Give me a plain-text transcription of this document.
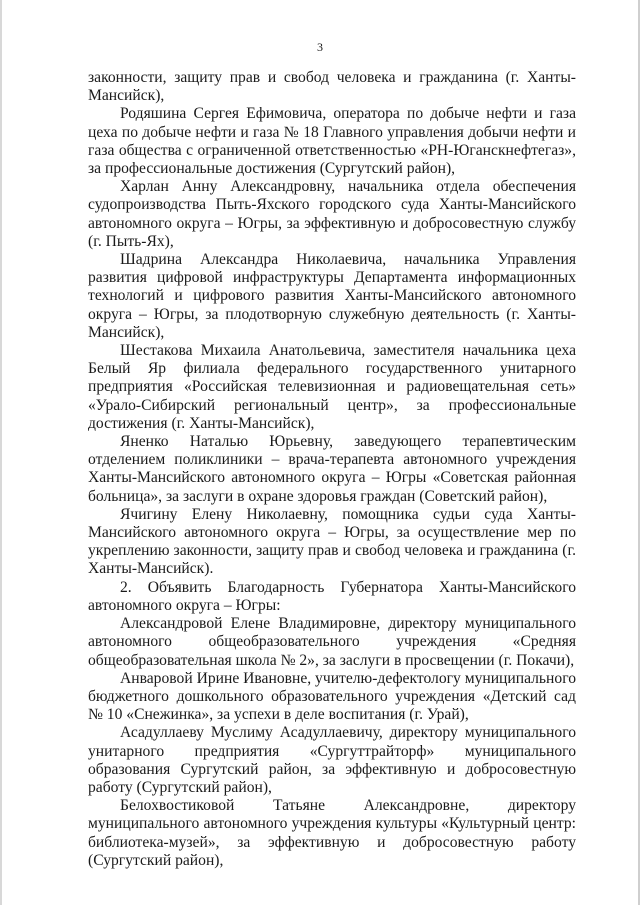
3

законности, защиту прав и свобод человека и гражданина (г. Ханты-Мансийск),

Родяшина Сергея Ефимовича, оператора по добыче нефти и газа цеха по добыче нефти и газа № 18 Главного управления добычи нефти и газа общества с ограниченной ответственностью «РН-Юганскнефтегаз», за профессиональные достижения (Сургутский район),

Харлан Анну Александровну, начальника отдела обеспечения судопроизводства Пыть-Яхского городского суда Ханты-Мансийского автономного округа – Югры, за эффективную и добросовестную службу (г. Пыть-Ях),

Шадрина Александра Николаевича, начальника Управления развития цифровой инфраструктуры Департамента информационных технологий и цифрового развития Ханты-Мансийского автономного округа – Югры, за плодотворную служебную деятельность (г. Ханты-Мансийск),

Шестакова Михаила Анатольевича, заместителя начальника цеха Белый Яр филиала федерального государственного унитарного предприятия «Российская телевизионная и радиовещательная сеть» «Урало-Сибирский региональный центр», за профессиональные достижения (г. Ханты-Мансийск),

Яненко Наталью Юрьевну, заведующего терапевтическим отделением поликлиники – врача-терапевта автономного учреждения Ханты-Мансийского автономного округа – Югры «Советская районная больница», за заслуги в охране здоровья граждан (Советский район),

Ячигину Елену Николаевну, помощника судьи суда Ханты-Мансийского автономного округа – Югры, за осуществление мер по укреплению законности, защиту прав и свобод человека и гражданина (г. Ханты-Мансийск).

2. Объявить Благодарность Губернатора Ханты-Мансийского автономного округа – Югры:

Александровой Елене Владимировне, директору муниципального автономного общеобразовательного учреждения «Средняя общеобразовательная школа № 2», за заслуги в просвещении (г. Покачи),

Анваровой Ирине Ивановне, учителю-дефектологу муниципального бюджетного дошкольного образовательного учреждения «Детский сад № 10 «Снежинка», за успехи в деле воспитания (г. Урай),

Асадуллаеву Муслиму Асадуллаевичу, директору муниципального унитарного предприятия «Сургуттрайторф» муниципального образования Сургутский район, за эффективную и добросовестную работу (Сургутский район),

Белохвостиковой Татьяне Александровне, директору муниципального автономного учреждения культуры «Культурный центр: библиотека-музей», за эффективную и добросовестную работу (Сургутский район),
